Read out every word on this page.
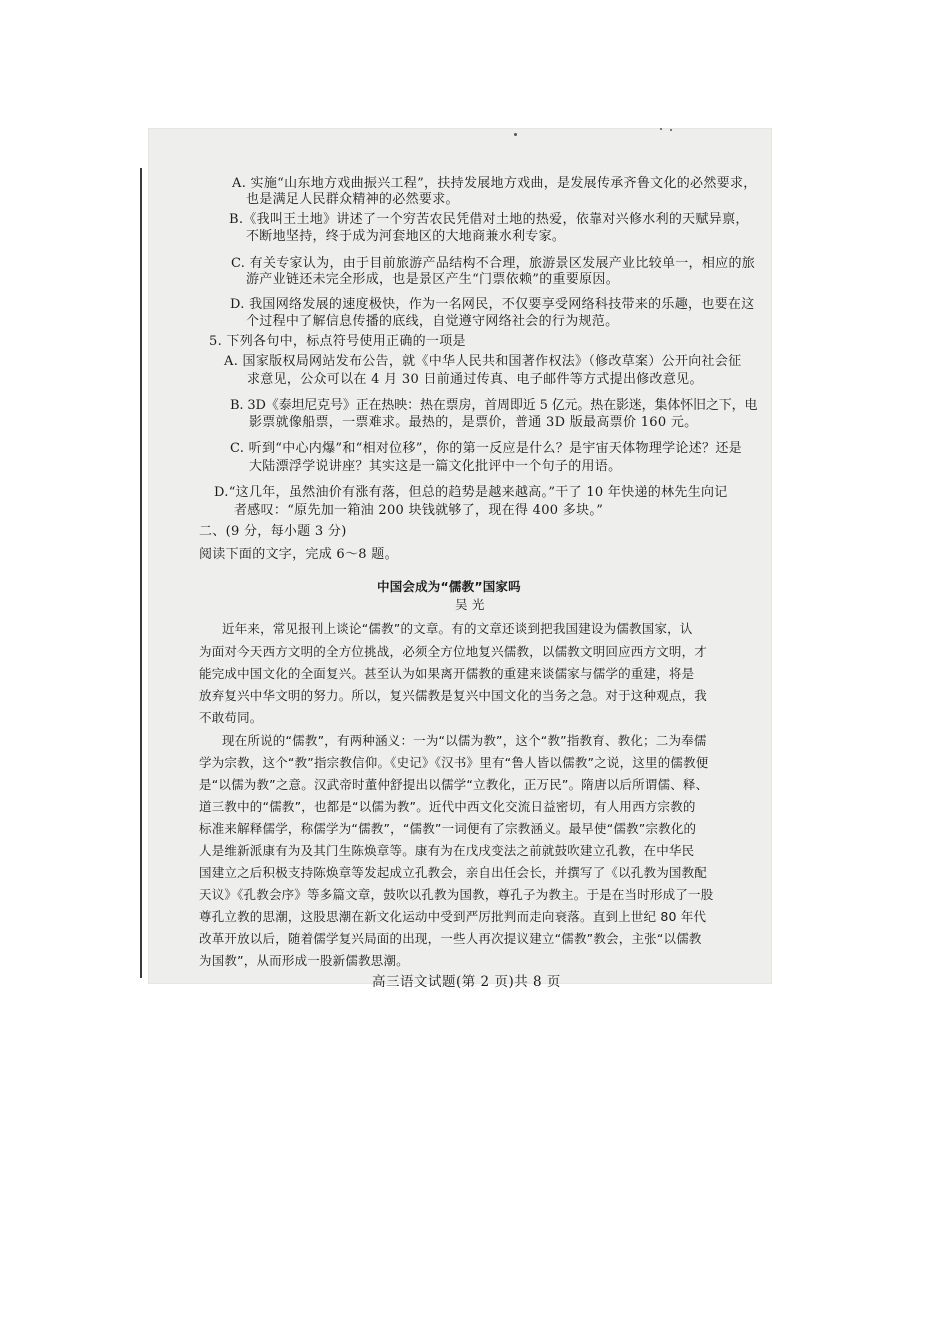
A. 实施“山东地方戏曲振兴工程”，扶持发展地方戏曲，是发展传承齐鲁文化的必然要求，
也是满足人民群众精神的必然要求。
B.《我叫王土地》讲述了一个穷苦农民凭借对土地的热爱，依靠对兴修水利的天赋异禀，
不断地坚持，终于成为河套地区的大地商兼水利专家。
C. 有关专家认为，由于目前旅游产品结构不合理，旅游景区发展产业比较单一，相应的旅
游产业链还未完全形成，也是景区产生“门票依赖”的重要原因。
D. 我国网络发展的速度极快，作为一名网民，不仅要享受网络科技带来的乐趣，也要在这
个过程中了解信息传播的底线，自觉遵守网络社会的行为规范。
5. 下列各句中，标点符号使用正确的一项是
A. 国家版权局网站发布公告，就《中华人民共和国著作权法》（修改草案）公开向社会征
求意见，公众可以在 4 月 30 日前通过传真、电子邮件等方式提出修改意见。
B. 3D《泰坦尼克号》正在热映：热在票房，首周即近 5 亿元。热在影迷，集体怀旧之下，电
影票就像船票，一票难求。最热的，是票价，普通 3D 版最高票价 160 元。
C. 听到“中心内爆”和“相对位移”，你的第一反应是什么？是宇宙天体物理学论述？还是
大陆漂浮学说讲座？其实这是一篇文化批评中一个句子的用语。
D.“这几年，虽然油价有涨有落，但总的趋势是越来越高。”干了 10 年快递的林先生向记
者感叹：“原先加一箱油 200 块钱就够了，现在得 400 多块。”
二、(9 分，每小题 3 分)
阅读下面的文字，完成 6～8 题。
中国会成为“儒教”国家吗
吴 光
近年来，常见报刊上谈论“儒教”的文章。有的文章还谈到把我国建设为儒教国家，认
为面对今天西方文明的全方位挑战，必须全方位地复兴儒教，以儒教文明回应西方文明，才
能完成中国文化的全面复兴。甚至认为如果离开儒教的重建来谈儒家与儒学的重建，将是
放弃复兴中华文明的努力。所以，复兴儒教是复兴中国文化的当务之急。对于这种观点，我
不敢苟同。
现在所说的“儒教”，有两种涵义：一为“以儒为教”，这个“教”指教育、教化；二为奉儒
学为宗教，这个“教”指宗教信仰。《史记》《汉书》里有“鲁人皆以儒教”之说，这里的儒教便
是“以儒为教”之意。汉武帝时董仲舒提出以儒学“立教化，正万民”。隋唐以后所谓儒、释、
道三教中的“儒教”，也都是“以儒为教”。近代中西文化交流日益密切，有人用西方宗教的
标准来解释儒学，称儒学为“儒教”，“儒教”一词便有了宗教涵义。最早使“儒教”宗教化的
人是维新派康有为及其门生陈焕章等。康有为在戊戌变法之前就鼓吹建立孔教，在中华民
国建立之后积极支持陈焕章等发起成立孔教会，亲自出任会长，并撰写了《以孔教为国教配
天议》《孔教会序》等多篇文章，鼓吹以孔教为国教，尊孔子为教主。于是在当时形成了一股
尊孔立教的思潮，这股思潮在新文化运动中受到严厉批判而走向衰落。直到上世纪 80 年代
改革开放以后，随着儒学复兴局面的出现，一些人再次提议建立“儒教”教会，主张“以儒教
为国教”，从而形成一股新儒教思潮。
高三语文试题(第 2 页)共 8 页
